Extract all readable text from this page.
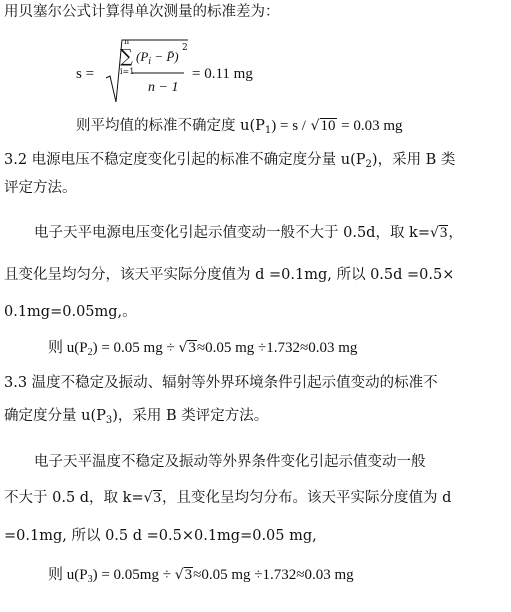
用贝塞尔公式计算得单次测量的标准差为：
s =
n
∑
i=1
($P_i$ − P̄)
2
n − 1
= 0.11 mg
则平均值的标准不确定度 $u(P_1) = s / √10 = 0.03$ mg
3.2 电源电压不稳定度变化引起的标准不确定度分量 $u(P_2)$，采用 B 类
评定方法。
电子天平电源电压变化引起示值变动一般不大于 0.5d，取 k=√3，
且变化呈均匀分，该天平实际分度值为 d =0.1mg, 所以 0.5d =0.5×
0.1mg=0.05mg,。
则 $u(P_2) = 0.05$ mg ÷ √3≈0.05 mg ÷1.732≈0.03 mg
3.3 温度不稳定及振动、辐射等外界环境条件引起示值变动的标准不
确定度分量 $u(P_3)$，采用 B 类评定方法。
电子天平温度不稳定及振动等外界条件变化引起示值变动一般
不大于 0.5 d，取 k=√3，且变化呈均匀分布。该天平实际分度值为 d
=0.1mg, 所以 0.5 d =0.5×0.1mg=0.05 mg,
则 $u(P_3) = 0.05mg \div √3\approx 0.05$ mg ÷1.732≈0.03 mg
